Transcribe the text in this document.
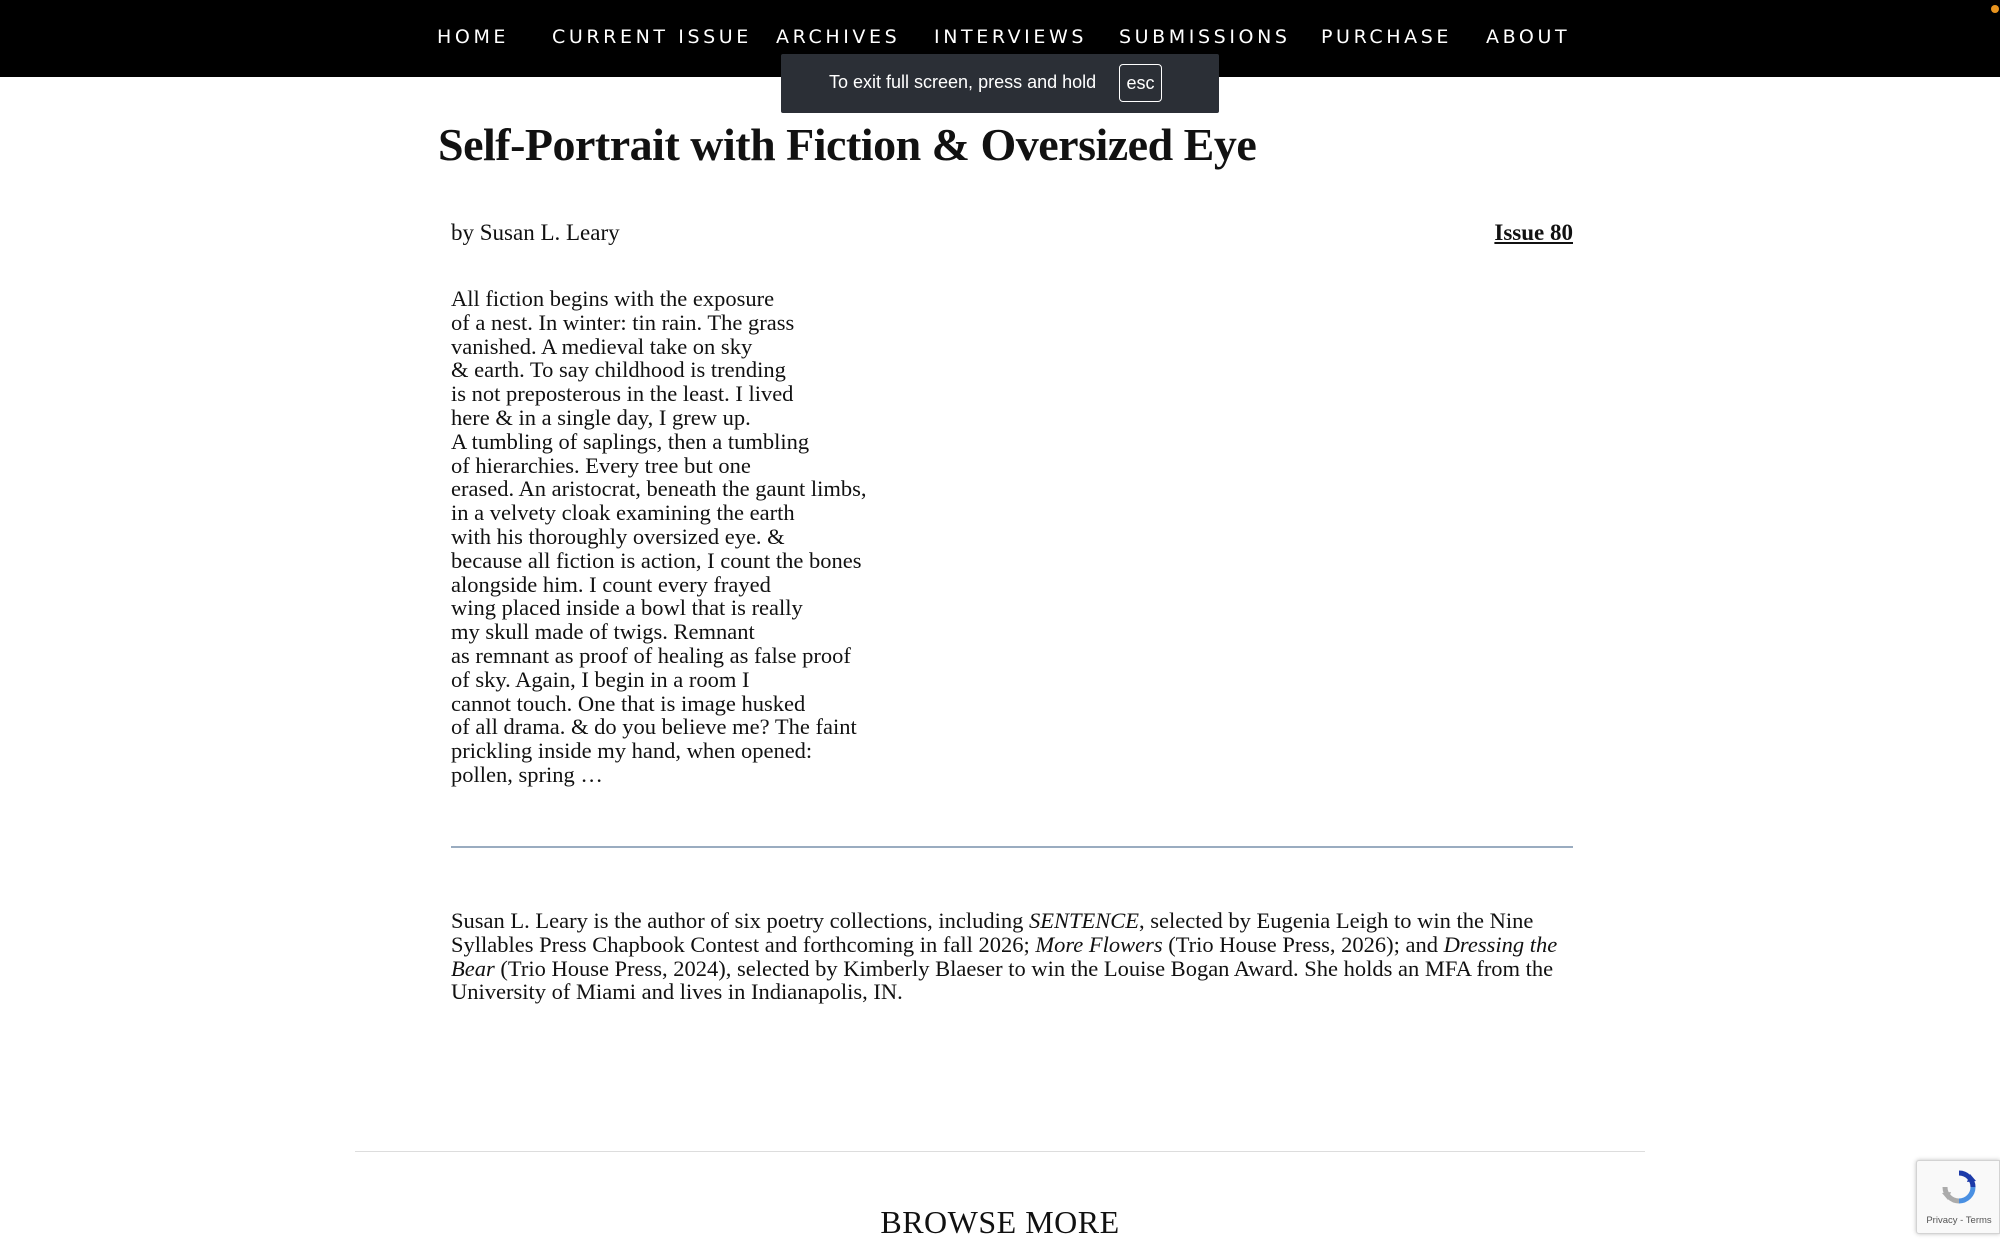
HOME CURRENT ISSUE ARCHIVES INTERVIEWS SUBMISSIONS PURCHASE ABOUT
To exit full screen, press and hold	esc
Self-Portrait with Fiction & Oversized Eye
by Susan L. Leary	Issue 80
All fiction begins with the exposure
of a nest. In winter: tin rain. The grass
vanished. A medieval take on sky
& earth. To say childhood is trending
is not preposterous in the least. I lived
here & in a single day, I grew up.
A tumbling of saplings, then a tumbling
of hierarchies. Every tree but one
erased. An aristocrat, beneath the gaunt limbs,
in a velvety cloak examining the earth
with his thoroughly oversized eye. &
because all fiction is action, I count the bones
alongside him. I count every frayed
wing placed inside a bowl that is really
my skull made of twigs. Remnant
as remnant as proof of healing as false proof
of sky. Again, I begin in a room I
cannot touch. One that is image husked
of all drama. & do you believe me? The faint
prickling inside my hand, when opened:
pollen, spring …

Susan L. Leary is the author of six poetry collections, including SENTENCE, selected by Eugenia Leigh to win the Nine Syllables Press Chapbook Contest and forthcoming in fall 2026; More Flowers (Trio House Press, 2026); and Dressing the Bear (Trio House Press, 2024), selected by Kimberly Blaeser to win the Louise Bogan Award. She holds an MFA from the University of Miami and lives in Indianapolis, IN.

BROWSE MORE	Privacy - Terms
